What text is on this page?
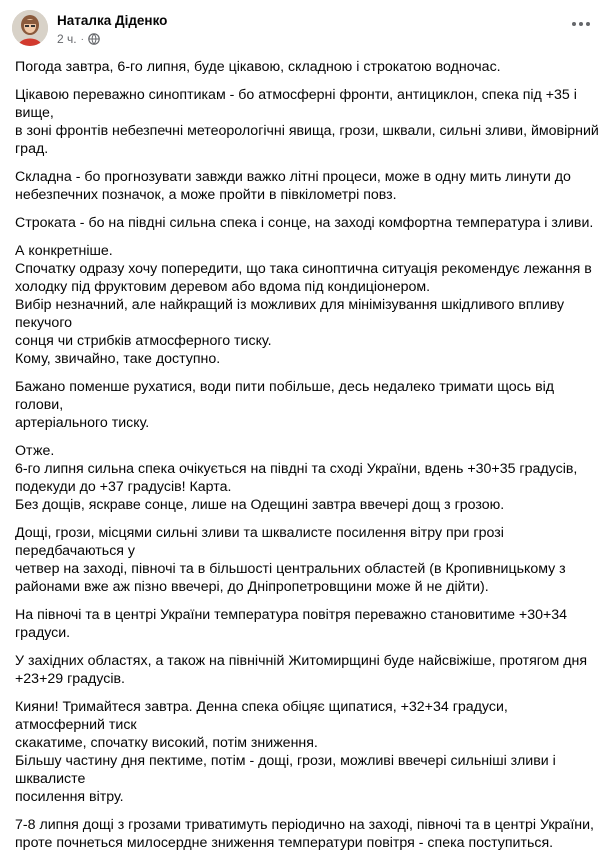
Наталка Діденко
2 ч. ·

Погода завтра, 6-го липня, буде цікавою, складною і строкатою водночас.

Цікавою переважно синоптикам - бо атмосферні фронти, антициклон, спека під +35 і вище,
в зоні фронтів небезпечні метеорологічні явища, грози, шквали, сильні зливи, ймовірний
град.

Складна - бо прогнозувати завжди важко літні процеси, може в одну мить линути до
небезпечних позначок, а може пройти в півкілометрі повз.

Строката - бо на півдні сильна спека і сонце, на заході комфортна температура і зливи.

А конкретніше.
Спочатку одразу хочу попередити, що така синоптична ситуація рекомендує лежання в
холодку під фруктовим деревом або вдома під кондиціонером.
Вибір незначний, але найкращий із можливих для мінімізування шкідливого впливу пекучого
сонця чи стрибків атмосферного тиску.
Кому, звичайно, таке доступно.

Бажано поменше рухатися, води пити побільше, десь недалеко тримати щось від голови,
артеріального тиску.

Отже.
6-го липня сильна спека очікується на півдні та сході України, вдень +30+35 градусів,
подекуди до +37 градусів! Карта.
Без дощів, яскраве сонце, лише на Одещині завтра ввечері дощ з грозою.

Дощі, грози, місцями сильні зливи та шквалисте посилення вітру при грозі передбачаються у
четвер на заході, півночі та в більшості центральних областей (в Кропивницькому з
районами вже аж пізно ввечері, до Дніпропетровщини може й не дійти).

На півночі та в центрі України температура повітря переважно становитиме +30+34 градуси.

У західних областях, а також на північній Житомирщині буде найсвіжіше, протягом дня
+23+29 градусів.

Кияни! Тримайтеся завтра. Денна спека обіцяє щипатися, +32+34 градуси, атмосферний тиск
скакатиме, спочатку високий, потім зниження.
Більшу частину дня пектиме, потім - дощі, грози, можливі ввечері сильніші зливи і шквалисте
посилення вітру.

7-8 липня дощі з грозами триватимуть періодично на заході, півночі та в центрі України,
проте почнеться милосердне зниження температури повітря - спека поступиться.
